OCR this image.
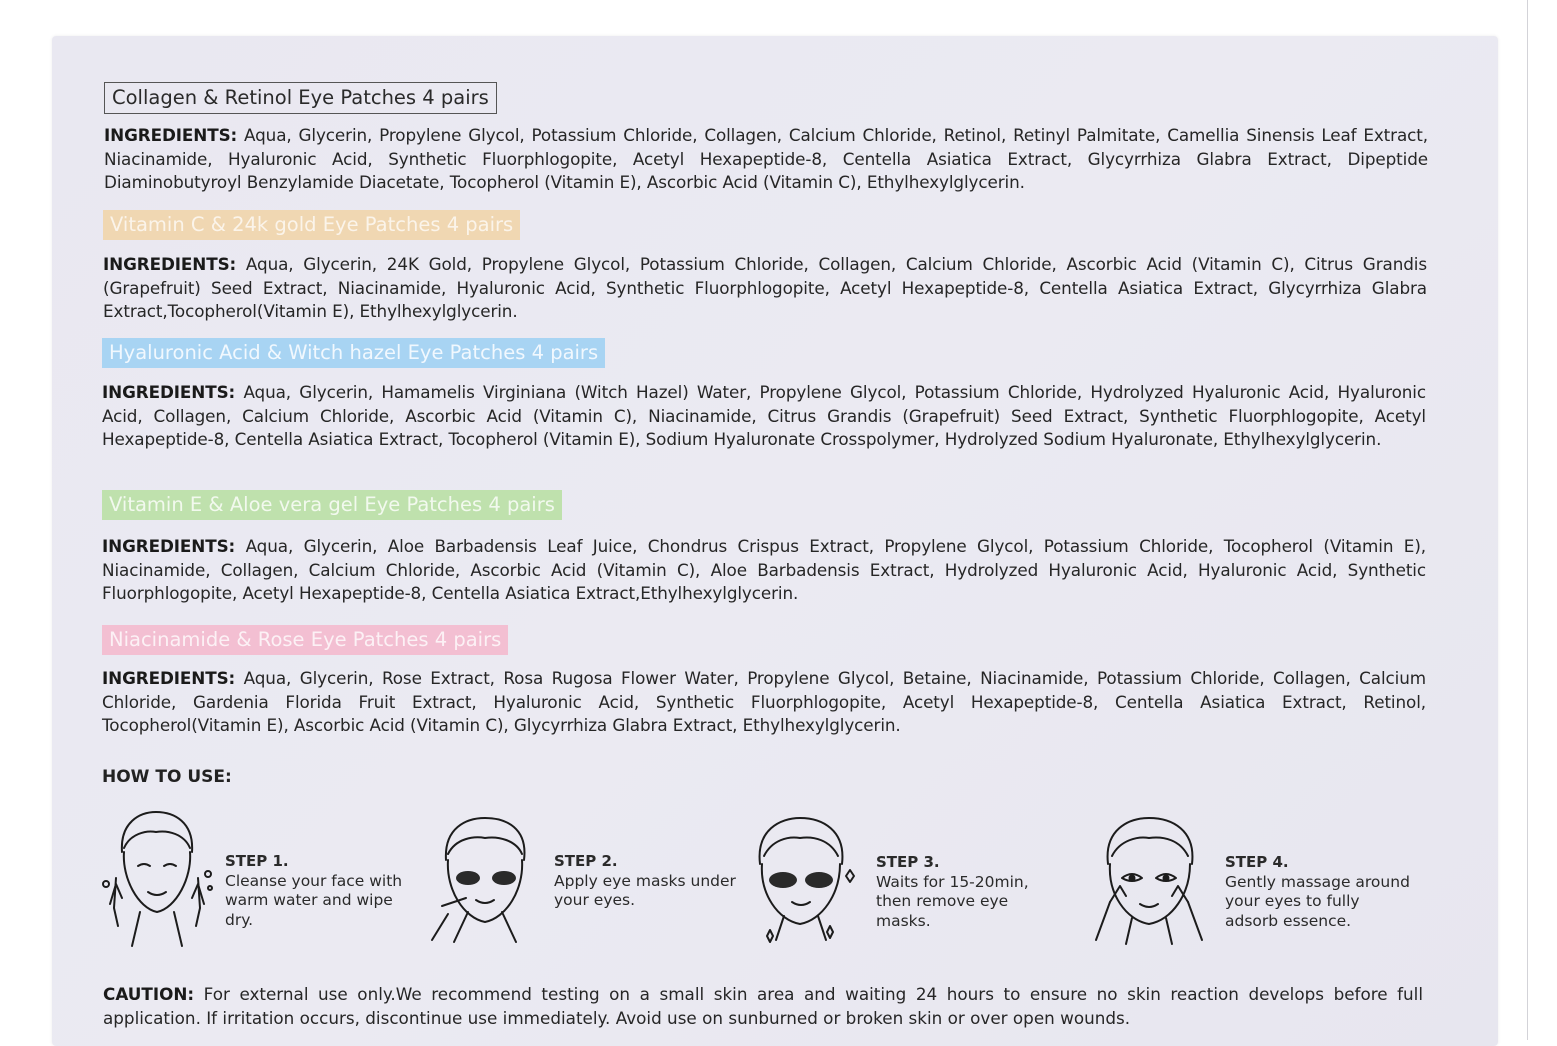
Collagen & Retinol Eye Patches 4 pairs
INGREDIENTS: Aqua, Glycerin, Propylene Glycol, Potassium Chloride, Collagen, Calcium Chloride, Retinol, Retinyl Palmitate, Camellia Sinensis Leaf Extract, Niacinamide, Hyaluronic Acid, Synthetic Fluorphlogopite, Acetyl Hexapeptide-8, Centella Asiatica Extract, Glycyrrhiza Glabra Extract, Dipeptide Diaminobutyroyl Benzylamide Diacetate, Tocopherol (Vitamin E), Ascorbic Acid (Vitamin C), Ethylhexylglycerin.
Vitamin C & 24k gold Eye Patches 4 pairs
INGREDIENTS: Aqua, Glycerin, 24K Gold, Propylene Glycol, Potassium Chloride, Collagen, Calcium Chloride, Ascorbic Acid (Vitamin C), Citrus Grandis (Grapefruit) Seed Extract, Niacinamide, Hyaluronic Acid, Synthetic Fluorphlogopite, Acetyl Hexapeptide-8, Centella Asiatica Extract, Glycyrrhiza Glabra Extract,Tocopherol(Vitamin E), Ethylhexylglycerin.
Hyaluronic Acid & Witch hazel Eye Patches 4 pairs
INGREDIENTS: Aqua, Glycerin, Hamamelis Virginiana (Witch Hazel) Water, Propylene Glycol, Potassium Chloride, Hydrolyzed Hyaluronic Acid, Hyaluronic Acid, Collagen, Calcium Chloride, Ascorbic Acid (Vitamin C), Niacinamide, Citrus Grandis (Grapefruit) Seed Extract, Synthetic Fluorphlogopite, Acetyl Hexapeptide-8, Centella Asiatica Extract, Tocopherol (Vitamin E), Sodium Hyaluronate Crosspolymer, Hydrolyzed Sodium Hyaluronate, Ethylhexylglycerin.
Vitamin E & Aloe vera gel Eye Patches 4 pairs
INGREDIENTS: Aqua, Glycerin, Aloe Barbadensis Leaf Juice, Chondrus Crispus Extract, Propylene Glycol, Potassium Chloride, Tocopherol (Vitamin E), Niacinamide, Collagen, Calcium Chloride, Ascorbic Acid (Vitamin C), Aloe Barbadensis Extract, Hydrolyzed Hyaluronic Acid, Hyaluronic Acid, Synthetic Fluorphlogopite, Acetyl Hexapeptide-8, Centella Asiatica Extract,Ethylhexylglycerin.
Niacinamide & Rose Eye Patches 4 pairs
INGREDIENTS: Aqua, Glycerin, Rose Extract, Rosa Rugosa Flower Water, Propylene Glycol, Betaine, Niacinamide, Potassium Chloride, Collagen, Calcium Chloride, Gardenia Florida Fruit Extract, Hyaluronic Acid, Synthetic Fluorphlogopite, Acetyl Hexapeptide-8, Centella Asiatica Extract, Retinol, Tocopherol(Vitamin E), Ascorbic Acid (Vitamin C), Glycyrrhiza Glabra Extract, Ethylhexylglycerin.
HOW TO USE:
STEP 1.
Cleanse your face with warm water and wipe dry.
STEP 2.
Apply eye masks under your eyes.
STEP 3.
Waits for 15-20min, then remove eye masks.
STEP 4.
Gently massage around your eyes to fully adsorb essence.
CAUTION: For external use only.We recommend testing on a small skin area and waiting 24 hours to ensure no skin reaction develops before full application. If irritation occurs, discontinue use immediately. Avoid use on sunburned or broken skin or over open wounds.
